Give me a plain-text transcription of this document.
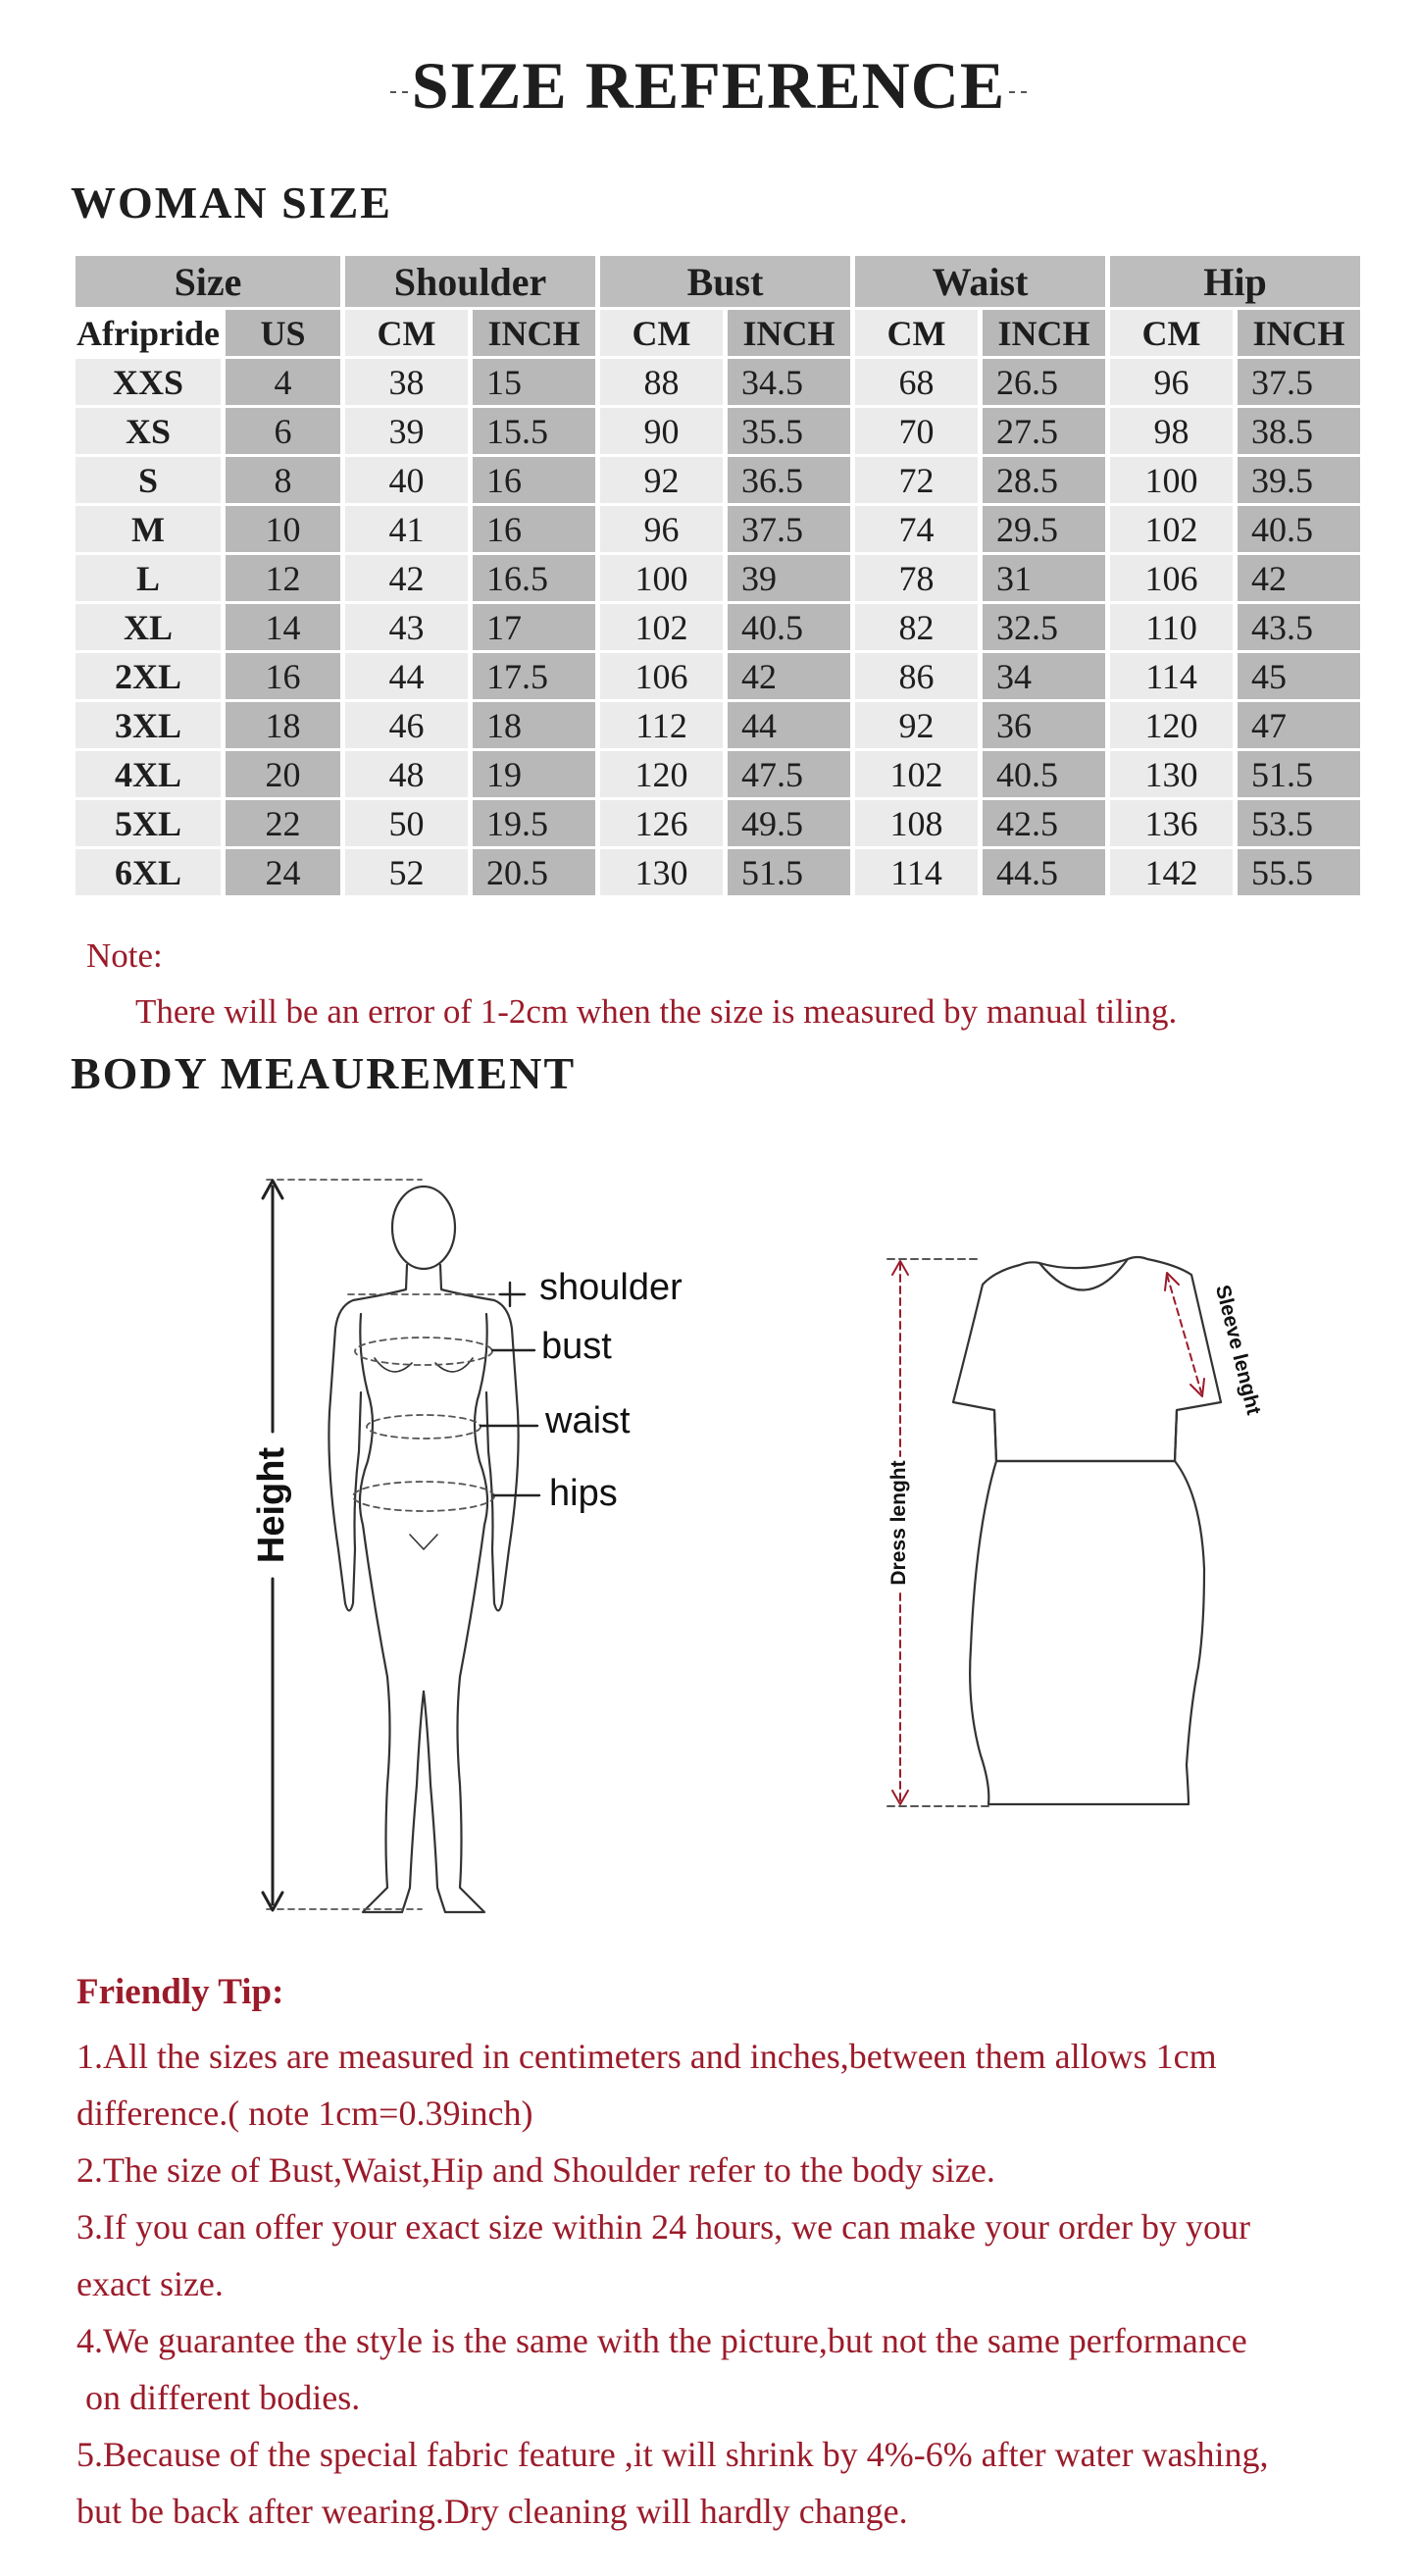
SIZE REFERENCE
WOMAN SIZE
Size		Shoulder		Bust		Waist		Hip	
Afripride	US	CM	INCH	CM	INCH	CM	INCH	CM	INCH
XXS	4	38	15	88	34.5	68	26.5	96	37.5
XS	6	39	15.5	90	35.5	70	27.5	98	38.5
S	8	40	16	92	36.5	72	28.5	100	39.5
M	10	41	16	96	37.5	74	29.5	102	40.5
L	12	42	16.5	100	39	78	31	106	42
XL	14	43	17	102	40.5	82	32.5	110	43.5
2XL	16	44	17.5	106	42	86	34	114	45
3XL	18	46	18	112	44	92	36	120	47
4XL	20	48	19	120	47.5	102	40.5	130	51.5
5XL	22	50	19.5	126	49.5	108	42.5	136	53.5
6XL	24	52	20.5	130	51.5	114	44.5	142	55.5
Note:
There will be an error of 1-2cm when the size is measured by manual tiling.
BODY MEAUREMENT
shoulder
bust
waist
hips
Height	Dress lenght
Sleeve lenght
Friendly Tip:

1.All the sizes are measured in centimeters and inches,between them allows 1cm

difference.( note 1cm=0.39inch)

2.The size of Bust,Waist,Hip and Shoulder refer to the body size.

3.If you can offer your exact size within 24 hours, we can make your order by your

exact size.

4.We guarantee the style is the same with the picture,but not the same performance

on different bodies.

5.Because of the special fabric feature ,it will shrink by 4%-6% after water washing,

but be back after wearing.Dry cleaning will hardly change.
